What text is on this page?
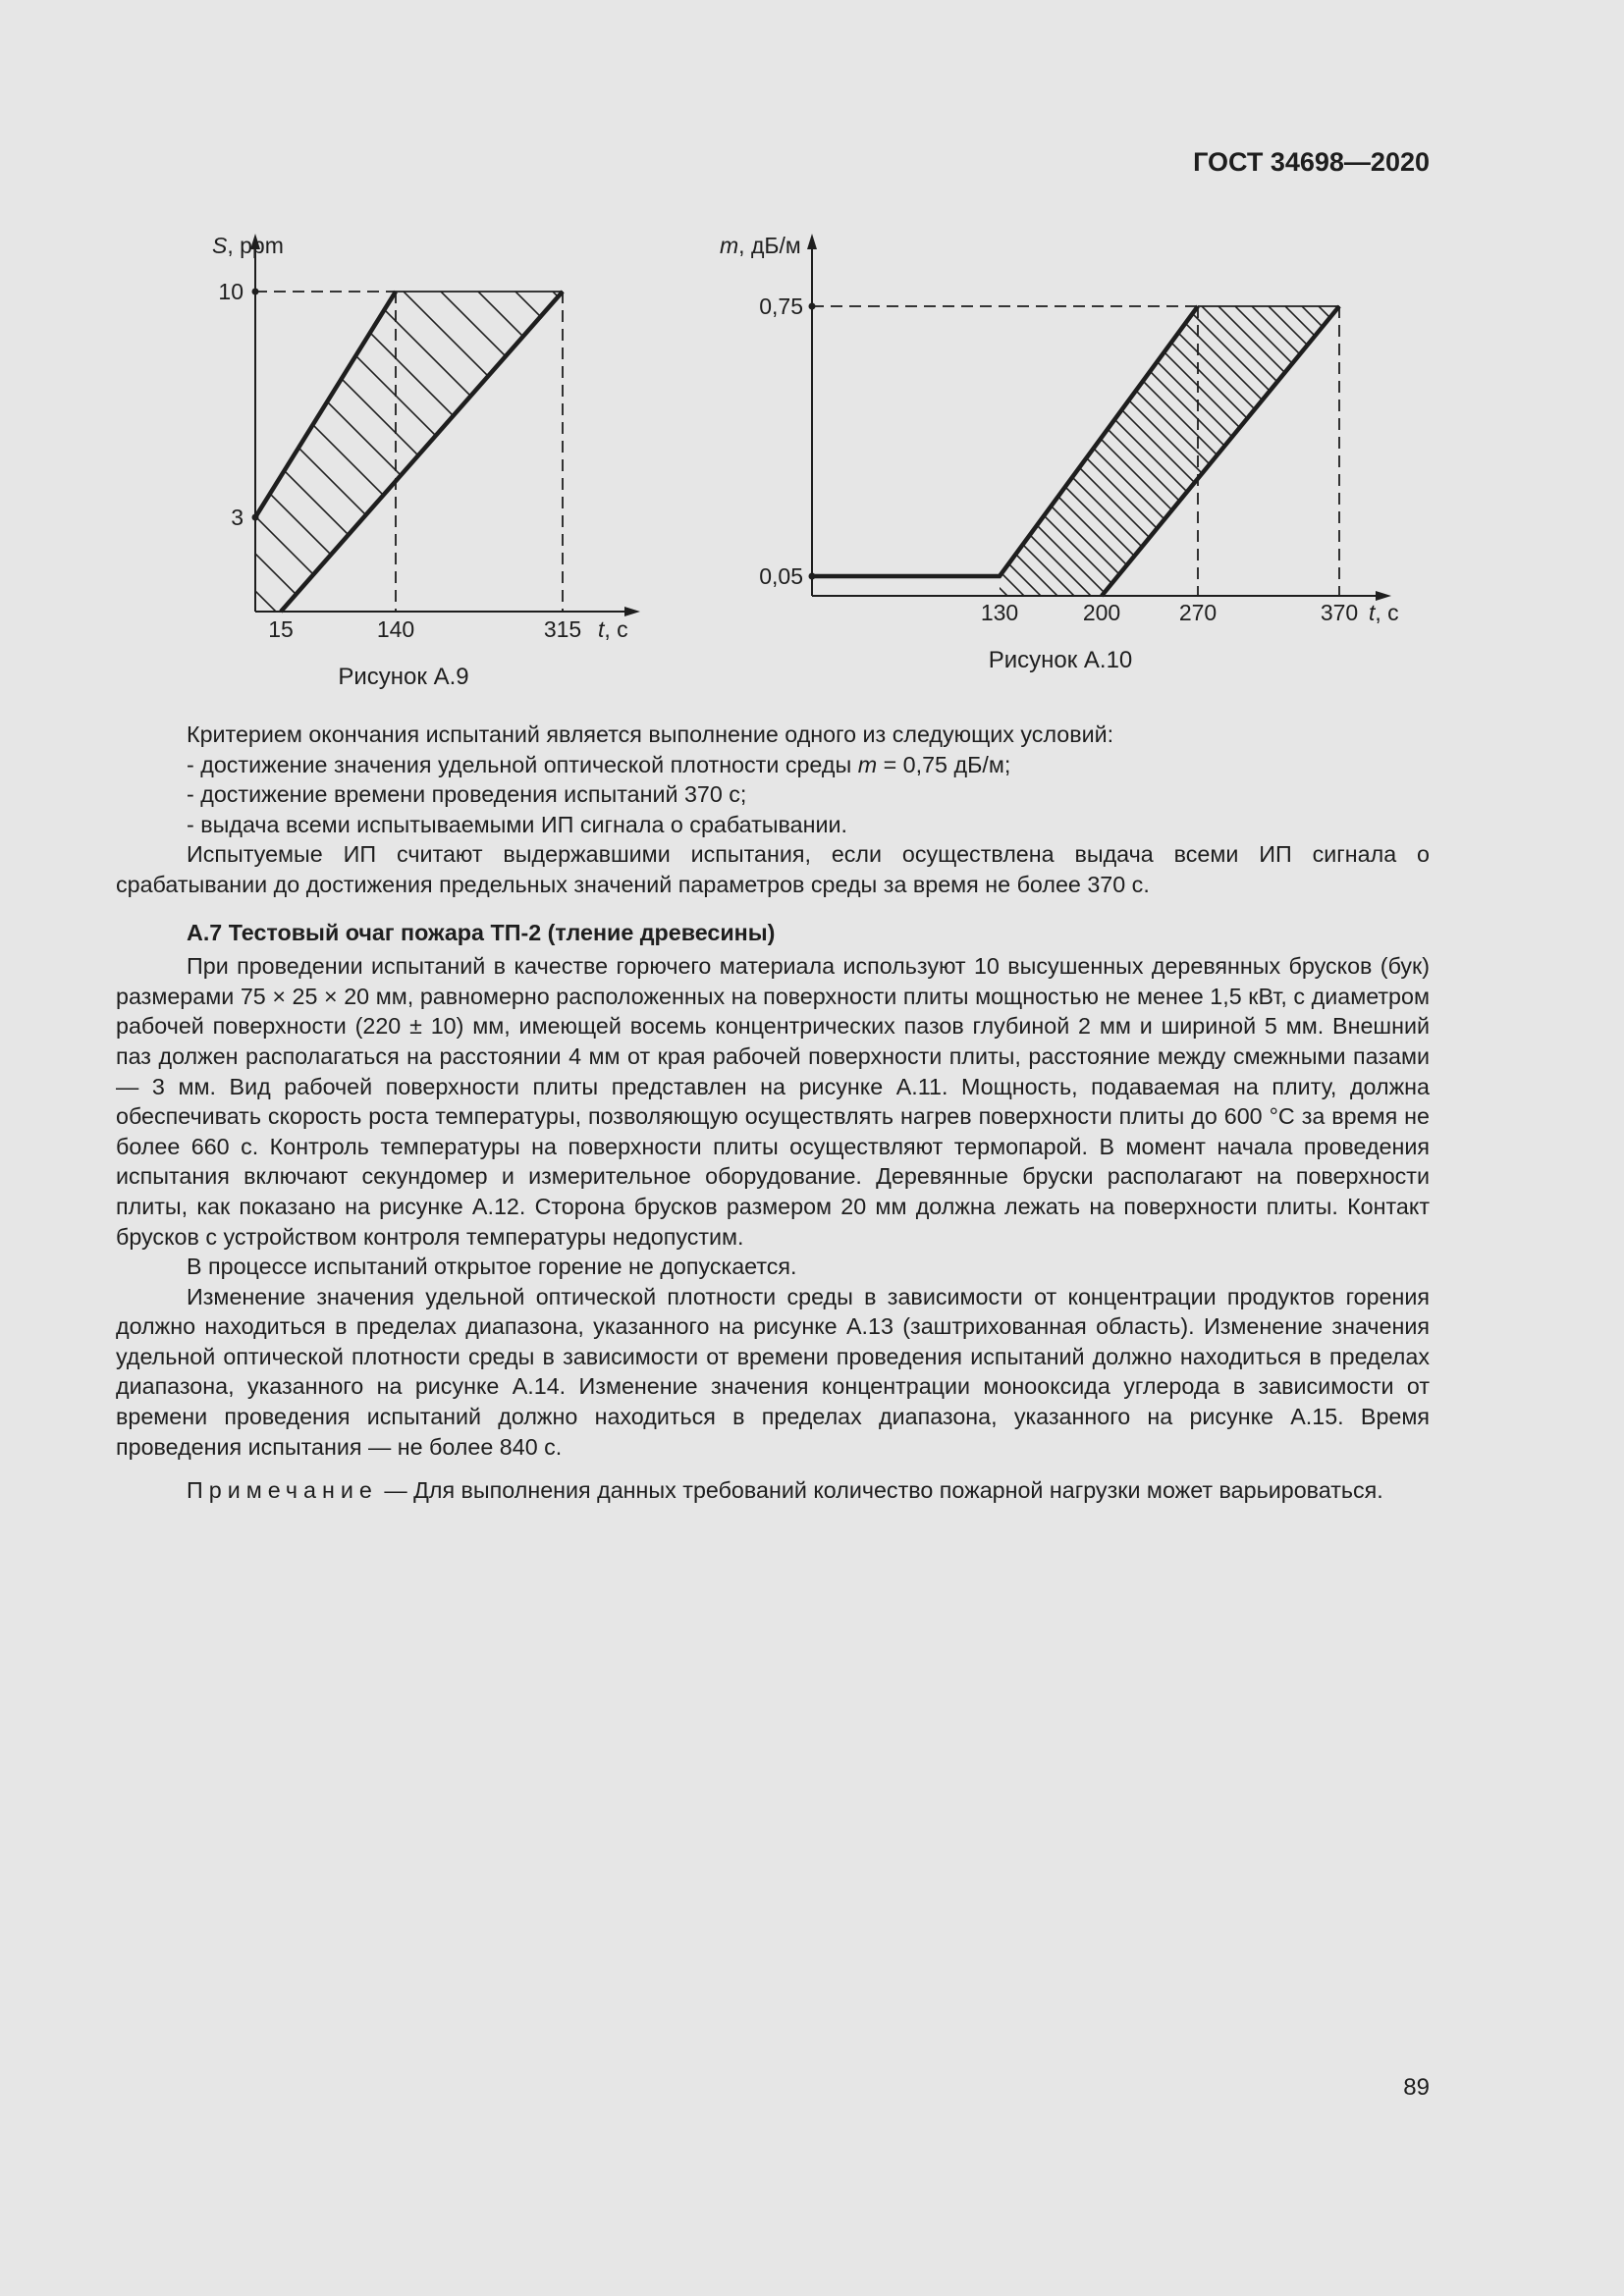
ГОСТ 34698—2020
S, ppm
10
3
15	140	315 t, с
Рисунок А.9
m, дБ/м
0,75
0,05
130	200	270	370 t, с
Рисунок А.10

Критерием окончания испытаний является выполнение одного из следующих условий:

- достижение значения удельной оптической плотности среды m = 0,75 дБ/м;

- достижение времени проведения испытаний 370 с;

- выдача всеми испытываемыми ИП сигнала о срабатывании.

Испытуемые ИП считают выдержавшими испытания, если осуществлена выдача всеми ИП сигнала о срабатывании до достижения предельных значений параметров среды за время не более 370 с.

А.7 Тестовый очаг пожара ТП-2 (тление древесины)

При проведении испытаний в качестве горючего материала используют 10 высушенных деревянных брусков (бук) размерами 75 × 25 × 20 мм, равномерно расположенных на поверхности плиты мощностью не менее 1,5 кВт, с диаметром рабочей поверхности (220 ± 10) мм, имеющей восемь концентрических пазов глубиной 2 мм и шириной 5 мм. Внешний паз должен располагаться на расстоянии 4 мм от края рабочей поверхности плиты, расстояние между смежными пазами — 3 мм. Вид рабочей поверхности плиты представлен на рисунке А.11. Мощность, подаваемая на плиту, должна обеспечивать скорость роста температуры, позволяющую осуществлять нагрев поверхности плиты до 600 °С за время не более 660 с. Контроль температуры на поверхности плиты осуществляют термопарой. В момент начала проведения испытания включают секундомер и измерительное оборудование. Деревянные бруски располагают на поверхности плиты, как показано на рисунке А.12. Сторона брусков размером 20 мм должна лежать на поверхности плиты. Контакт брусков с устройством контроля температуры недопустим.

В процессе испытаний открытое горение не допускается.

Изменение значения удельной оптической плотности среды в зависимости от концентрации продуктов горения должно находиться в пределах диапазона, указанного на рисунке А.13 (заштрихованная область). Изменение значения удельной оптической плотности среды в зависимости от времени проведения испытаний должно находиться в пределах диапазона, указанного на рисунке А.14. Изменение значения концентрации монооксида углерода в зависимости от времени проведения испытаний должно находиться в пределах диапазона, указанного на рисунке А.15. Время проведения испытания — не более 840 с.

Примечание — Для выполнения данных требований количество пожарной нагрузки может варьироваться.

89
